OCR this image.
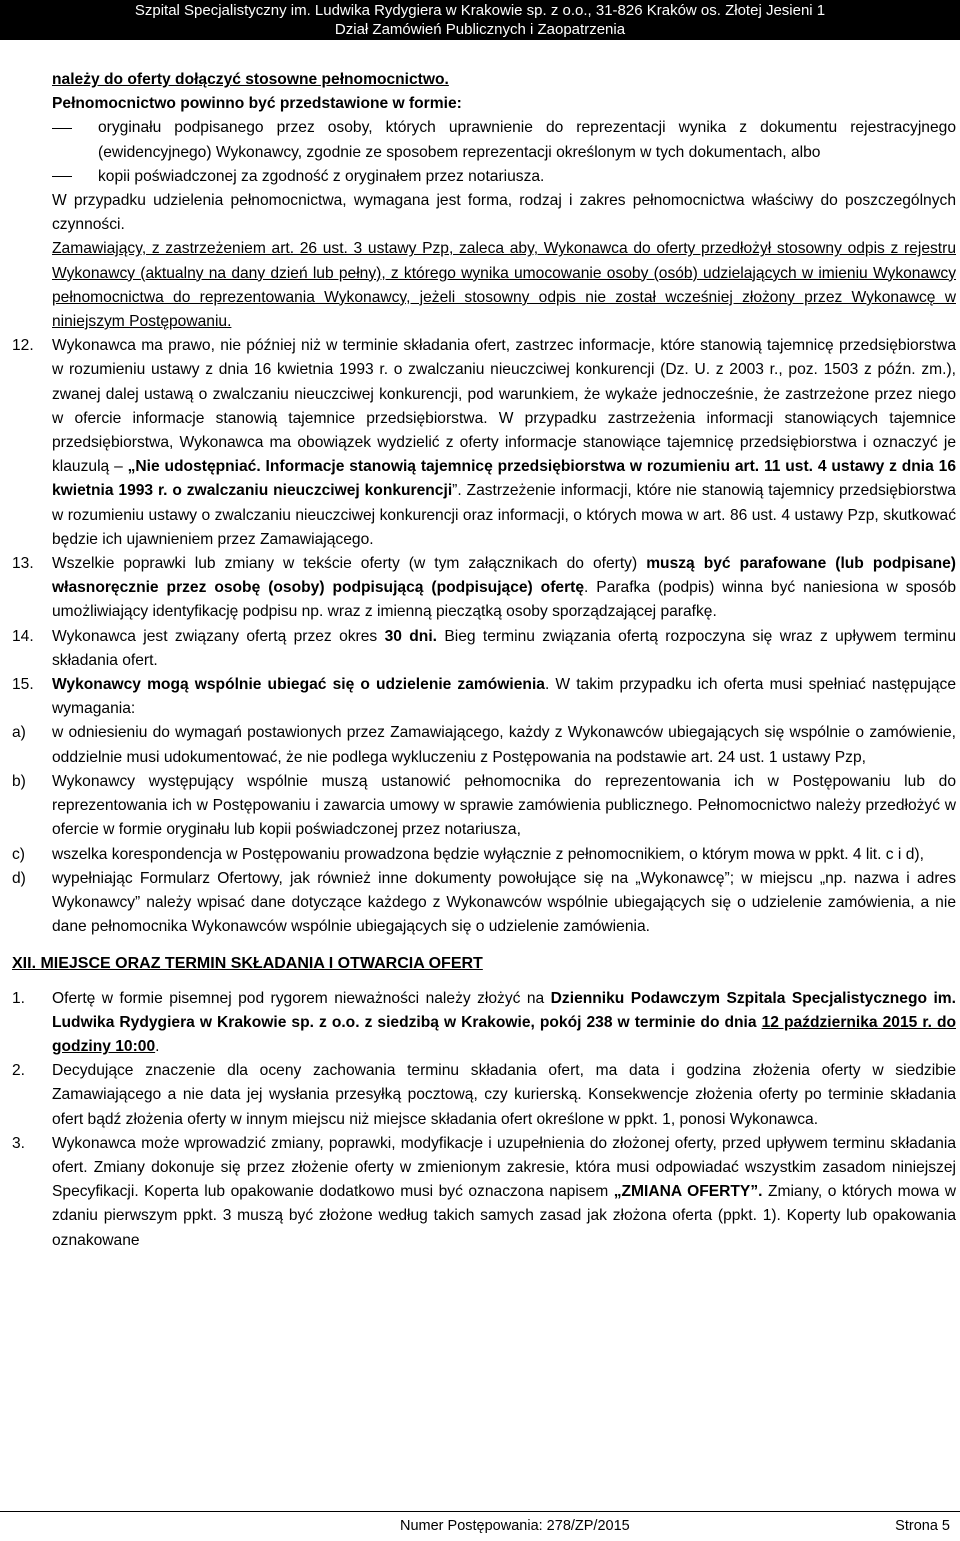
Szpital Specjalistyczny im. Ludwika Rydygiera w Krakowie sp. z o.o., 31-826 Kraków os. Złotej Jesieni 1
Dział Zamówień Publicznych i Zaopatrzenia
należy do oferty dołączyć stosowne pełnomocnictwo.
Pełnomocnictwo powinno być przedstawione w formie:
oryginału podpisanego przez osoby, których uprawnienie do reprezentacji wynika z dokumentu rejestracyjnego (ewidencyjnego) Wykonawcy, zgodnie ze sposobem reprezentacji określonym w tych dokumentach, albo
kopii poświadczonej za zgodność z oryginałem przez notariusza.
W przypadku udzielenia pełnomocnictwa, wymagana jest forma, rodzaj i zakres pełnomocnictwa właściwy do poszczególnych czynności.
Zamawiający, z zastrzeżeniem art. 26 ust. 3 ustawy Pzp, zaleca aby, Wykonawca do oferty przedłożył stosowny odpis z rejestru Wykonawcy (aktualny na dany dzień lub pełny), z którego wynika umocowanie osoby (osób) udzielających w imieniu Wykonawcy pełnomocnictwa do reprezentowania Wykonawcy, jeżeli stosowny odpis nie został wcześniej złożony przez Wykonawcę w niniejszym Postępowaniu.
12.	Wykonawca ma prawo, nie później niż w terminie składania ofert, zastrzec informacje, które stanowią tajemnicę przedsiębiorstwa w rozumieniu ustawy z dnia 16 kwietnia 1993 r. o zwalczaniu nieuczciwej konkurencji (Dz. U. z 2003 r., poz. 1503 z późn. zm.), zwanej dalej ustawą o zwalczaniu nieuczciwej konkurencji, pod warunkiem, że wykaże jednocześnie, że zastrzeżone przez niego w ofercie informacje stanowią tajemnice przedsiębiorstwa. W przypadku zastrzeżenia informacji stanowiących tajemnice przedsiębiorstwa, Wykonawca ma obowiązek wydzielić z oferty informacje stanowiące tajemnicę przedsiębiorstwa i oznaczyć je klauzulą – „Nie udostępniać. Informacje stanowią tajemnicę przedsiębiorstwa w rozumieniu art. 11 ust. 4 ustawy z dnia 16 kwietnia 1993 r. o zwalczaniu nieuczciwej konkurencji”. Zastrzeżenie informacji, które nie stanowią tajemnicy przedsiębiorstwa w rozumieniu ustawy o zwalczaniu nieuczciwej konkurencji oraz informacji, o których mowa w art. 86 ust. 4 ustawy Pzp, skutkować będzie ich ujawnieniem przez Zamawiającego.
13.	Wszelkie poprawki lub zmiany w tekście oferty (w tym załącznikach do oferty) muszą być parafowane (lub podpisane) własnoręcznie przez osobę (osoby) podpisującą (podpisujące) ofertę. Parafka (podpis) winna być naniesiona w sposób umożliwiający identyfikację podpisu np. wraz z imienną pieczątką osoby sporządzającej parafkę.
14.	Wykonawca jest związany ofertą przez okres 30 dni. Bieg terminu związania ofertą rozpoczyna się wraz z upływem terminu składania ofert.
15.	Wykonawcy mogą wspólnie ubiegać się o udzielenie zamówienia. W takim przypadku ich oferta musi spełniać następujące wymagania:
a)	w odniesieniu do wymagań postawionych przez Zamawiającego, każdy z Wykonawców ubiegających się wspólnie o zamówienie, oddzielnie musi udokumentować, że nie podlega wykluczeniu z Postępowania na podstawie art. 24 ust. 1 ustawy Pzp,
b)	Wykonawcy występujący wspólnie muszą ustanowić pełnomocnika do reprezentowania ich w Postępowaniu lub do reprezentowania ich w Postępowaniu i zawarcia umowy w sprawie zamówienia publicznego. Pełnomocnictwo należy przedłożyć w ofercie w formie oryginału lub kopii poświadczonej przez notariusza,
c)	wszelka korespondencja w Postępowaniu prowadzona będzie wyłącznie z pełnomocnikiem, o którym mowa w ppkt. 4 lit. c i d),
d)	wypełniając Formularz Ofertowy, jak również inne dokumenty powołujące się na „Wykonawcę”; w miejscu „np. nazwa i adres Wykonawcy” należy wpisać dane dotyczące każdego z Wykonawców wspólnie ubiegających się o udzielenie zamówienia, a nie dane pełnomocnika Wykonawców wspólnie ubiegających się o udzielenie zamówienia.
XII. MIEJSCE ORAZ TERMIN SKŁADANIA I OTWARCIA OFERT
1.	Ofertę w formie pisemnej pod rygorem nieważności należy złożyć na Dzienniku Podawczym Szpitala Specjalistycznego im. Ludwika Rydygiera w Krakowie sp. z o.o. z siedzibą w Krakowie, pokój 238 w terminie do dnia 12 października 2015 r. do godziny 10:00.
2.	Decydujące znaczenie dla oceny zachowania terminu składania ofert, ma data i godzina złożenia oferty w siedzibie Zamawiającego a nie data jej wysłania przesyłką pocztową, czy kurierską. Konsekwencje złożenia oferty po terminie składania ofert bądź złożenia oferty w innym miejscu niż miejsce składania ofert określone w ppkt. 1, ponosi Wykonawca.
3.	Wykonawca może wprowadzić zmiany, poprawki, modyfikacje i uzupełnienia do złożonej oferty, przed upływem terminu składania ofert. Zmiany dokonuje się przez złożenie oferty w zmienionym zakresie, która musi odpowiadać wszystkim zasadom niniejszej Specyfikacji. Koperta lub opakowanie dodatkowo musi być oznaczona napisem „ZMIANA OFERTY”. Zmiany, o których mowa w zdaniu pierwszym ppkt. 3 muszą być złożone według takich samych zasad jak złożona oferta (ppkt. 1). Koperty lub opakowania oznakowane
Numer Postępowania: 278/ZP/2015	Strona 5
